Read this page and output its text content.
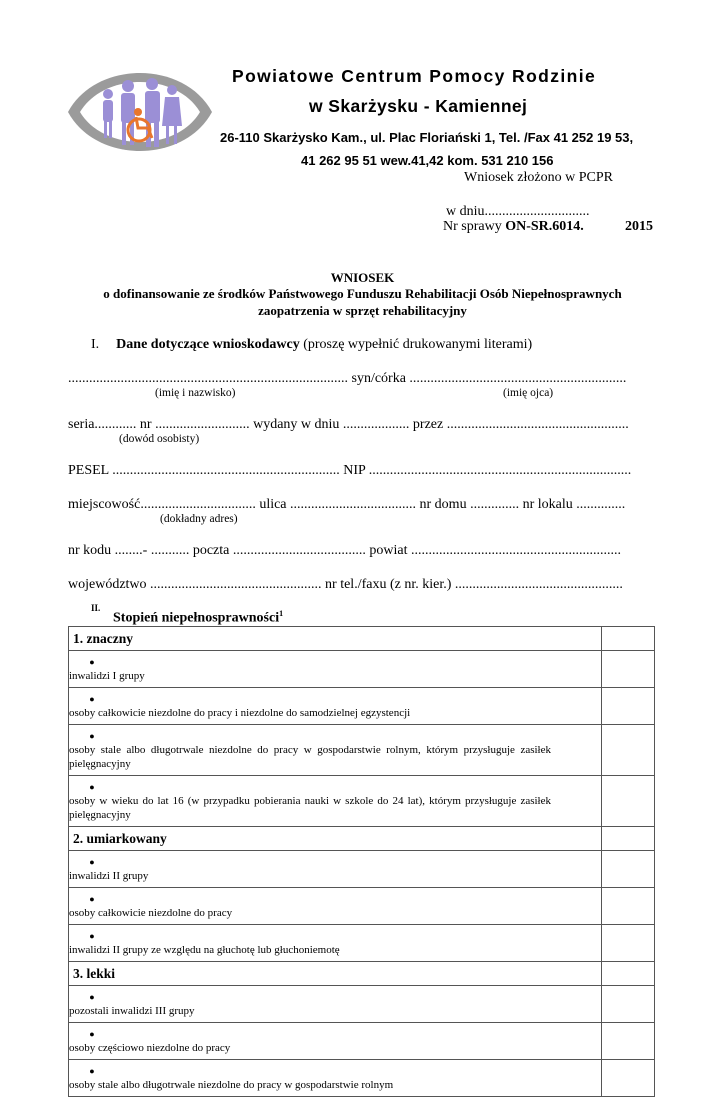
Powiatowe Centrum Pomocy Rodzinie
w Skarżysku - Kamiennej
26-110 Skarżysko Kam., ul. Plac Floriański 1, Tel. /Fax 41 252 19 53,
41 262 95 51 wew.41,42 kom. 531 210 156
Wniosek złożono w PCPR
w dniu..............................
Nr sprawy ON-SR.6014.	2015
WNIOSEK
o dofinansowanie ze środków Państwowego Funduszu Rehabilitacji Osób Niepełnosprawnych
zaopatrzenia w sprzęt rehabilitacyjny
I. Dane dotyczące wnioskodawcy (proszę wypełnić drukowanymi literami)
................................................................................ syn/córka ..............................................................
(imię i nazwisko)	(imię ojca)
seria............ nr ........................... wydany w dniu ................... przez ....................................................
(dowód osobisty)
PESEL ................................................................. NIP ...........................................................................
miejscowość................................. ulica .................................... nr domu .............. nr lokalu ..............
(dokładny adres)
nr kodu ........- ........... poczta ...................................... powiat ............................................................
województwo ................................................. nr tel./faxu (z nr. kier.) ................................................
II.
Stopień niepełnosprawności$^1$
1. znaczny	
●inwalidzi I grupy	
●osoby całkowicie niezdolne do pracy i niezdolne do samodzielnej egzystencji	
●osoby stale albo długotrwale niezdolne do pracy w gospodarstwie rolnym, którym przysługuje zasiłek pielęgnacyjny	
●osoby w wieku do lat 16 (w przypadku pobierania nauki w szkole do 24 lat), którym przysługuje zasiłek pielęgnacyjny	
2. umiarkowany	
●inwalidzi II grupy	
●osoby całkowicie niezdolne do pracy	
●inwalidzi II grupy ze względu na głuchotę lub głuchoniemotę	
3. lekki	
●pozostali inwalidzi III grupy	
●osoby częściowo niezdolne do pracy	
●osoby stale albo długotrwale niezdolne do pracy w gospodarstwie rolnym	
